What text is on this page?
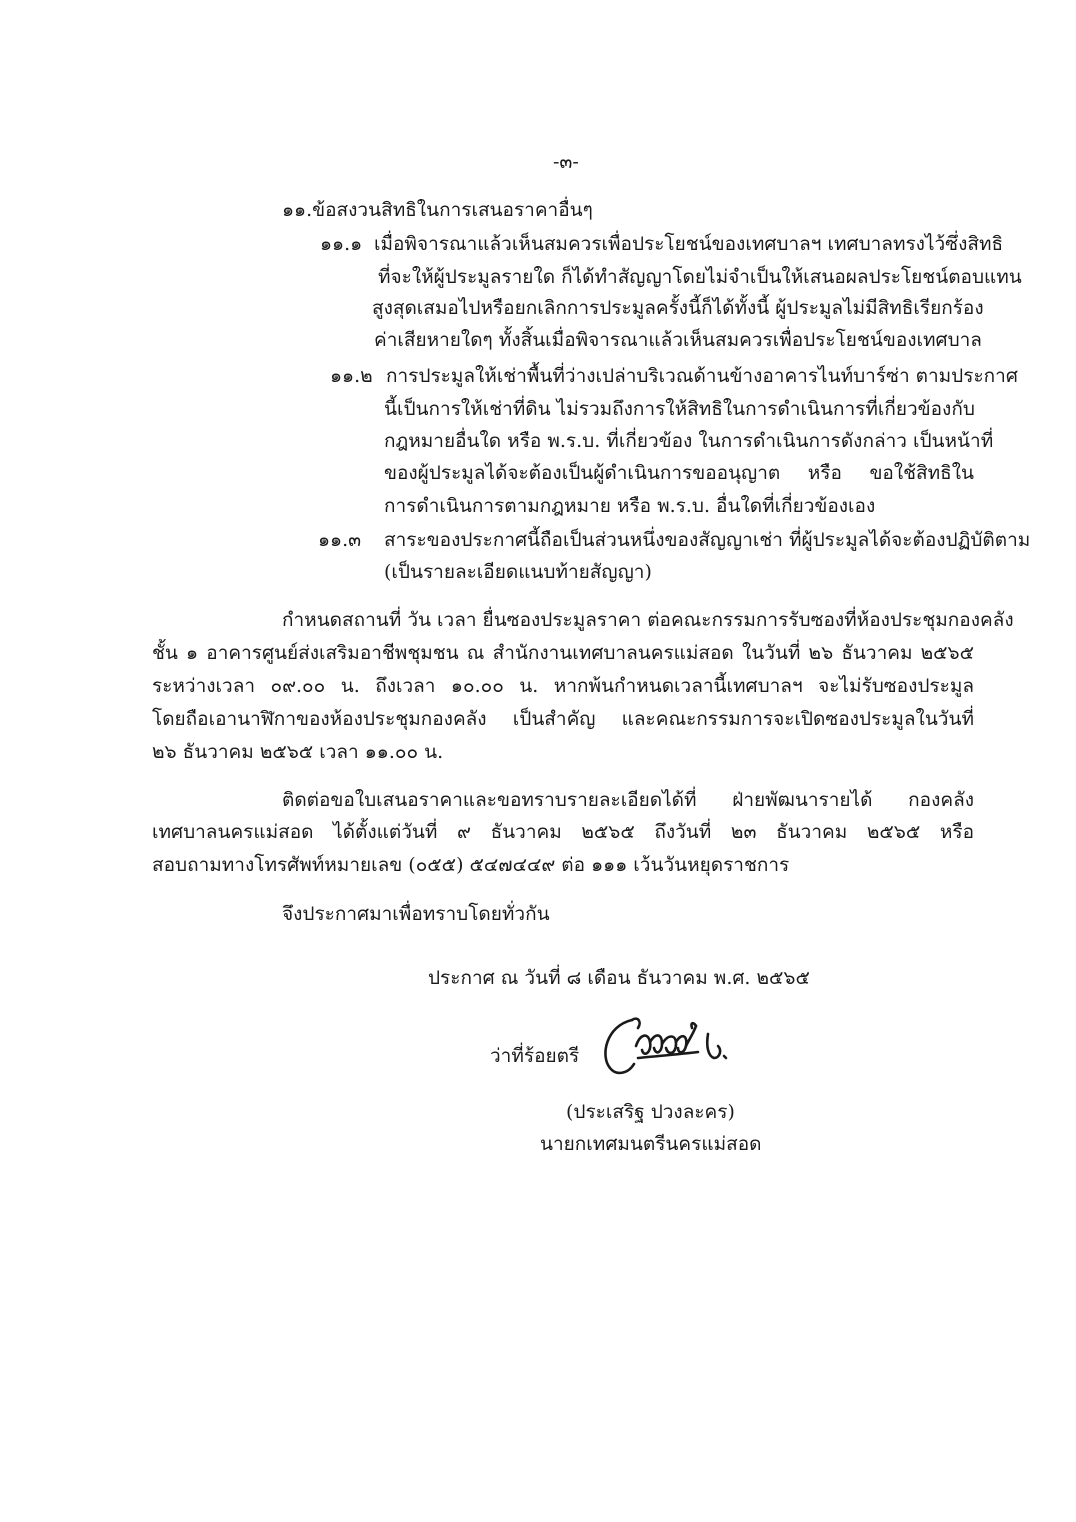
-๓-
๑๑.ข้อสงวนสิทธิในการเสนอราคาอื่นๆ
๑๑.๑ เมื่อพิจารณาแล้วเห็นสมควรเพื่อประโยชน์ของเทศบาลฯ เทศบาลทรงไว้ซึ่งสิทธิ
ที่จะให้ผู้ประมูลรายใด ก็ได้ทำสัญญาโดยไม่จำเป็นให้เสนอผลประโยชน์ตอบแทน
สูงสุดเสมอไปหรือยกเลิกการประมูลครั้งนี้ก็ได้ทั้งนี้ ผู้ประมูลไม่มีสิทธิเรียกร้อง
ค่าเสียหายใดๆ ทั้งสิ้นเมื่อพิจารณาแล้วเห็นสมควรเพื่อประโยชน์ของเทศบาล
๑๑.๒ การประมูลให้เช่าพื้นที่ว่างเปล่าบริเวณด้านข้างอาคารไนท์บาร์ซ่า ตามประกาศ
นี้เป็นการให้เช่าที่ดิน ไม่รวมถึงการให้สิทธิในการดำเนินการที่เกี่ยวข้องกับ
กฎหมายอื่นใด หรือ พ.ร.บ. ที่เกี่ยวข้อง ในการดำเนินการดังกล่าว เป็นหน้าที่
ของผู้ประมูลได้จะต้องเป็นผู้ดำเนินการขออนุญาต หรือ ขอใช้สิทธิใน
การดำเนินการตามกฎหมาย หรือ พ.ร.บ. อื่นใดที่เกี่ยวข้องเอง
๑๑.๓ สาระของประกาศนี้ถือเป็นส่วนหนึ่งของสัญญาเช่า ที่ผู้ประมูลได้จะต้องปฏิบัติตาม
(เป็นรายละเอียดแนบท้ายสัญญา)
กำหนดสถานที่ วัน เวลา ยื่นซองประมูลราคา ต่อคณะกรรมการรับซองที่ห้องประชุมกองคลัง
ชั้น ๑ อาคารศูนย์ส่งเสริมอาชีพชุมชน ณ สำนักงานเทศบาลนครแม่สอด ในวันที่ ๒๖ ธันวาคม ๒๕๖๕
ระหว่างเวลา ๐๙.๐๐ น. ถึงเวลา ๑๐.๐๐ น. หากพ้นกำหนดเวลานี้เทศบาลฯ จะไม่รับซองประมูล
โดยถือเอานาฬิกาของห้องประชุมกองคลัง เป็นสำคัญ และคณะกรรมการจะเปิดซองประมูลในวันที่
๒๖ ธันวาคม ๒๕๖๕ เวลา ๑๑.๐๐ น.
ติดต่อขอใบเสนอราคาและขอทราบรายละเอียดได้ที่ ฝ่ายพัฒนารายได้ กองคลัง
เทศบาลนครแม่สอด ได้ตั้งแต่วันที่ ๙ ธันวาคม ๒๕๖๕ ถึงวันที่ ๒๓ ธันวาคม ๒๕๖๕ หรือ
สอบถามทางโทรศัพท์หมายเลข (๐๕๕) ๕๔๗๔๔๙ ต่อ ๑๑๑ เว้นวันหยุดราชการ
จึงประกาศมาเพื่อทราบโดยทั่วกัน
ประกาศ ณ วันที่ ๘ เดือน ธันวาคม พ.ศ. ๒๕๖๕
ว่าที่ร้อยตรี
(ประเสริฐ ปวงละคร)
นายกเทศมนตรีนครแม่สอด
